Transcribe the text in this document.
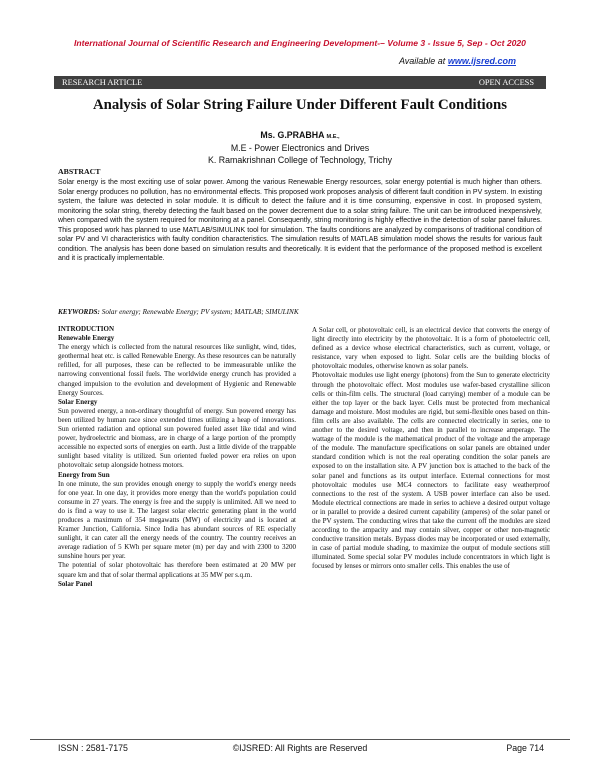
International Journal of Scientific Research and Engineering Development-– Volume 3 - Issue 5, Sep - Oct 2020
Available at www.ijsred.com
RESEARCH ARTICLE	OPEN ACCESS
Analysis of Solar String Failure Under Different Fault Conditions
Ms. G.PRABHA M.E.,
M.E - Power Electronics and Drives
K. Ramakrishnan College of Technology, Trichy
ABSTRACT
Solar energy is the most exciting use of solar power. Among the various Renewable Energy resources, solar energy potential is much higher than others. Solar energy produces no pollution, has no environmental effects. This proposed work proposes analysis of different fault condition in PV system. In existing system, the failure was detected in solar module. It is difficult to detect the failure and it is time consuming, expensive in cost. In proposed system, monitoring the solar string, thereby detecting the fault based on the power decrement due to a solar string failure. The unit can be introduced inexpensively, when compared with the system required for monitoring at a panel. Consequently, string monitoring is highly effective in the detection of solar panel failures. This proposed work has planned to use MATLAB/SIMULINK tool for simulation. The faults conditions are analyzed by comparisons of traditional condition of solar PV and VI characteristics with faulty condition characteristics. The simulation results of MATLAB simulation model shows the results for various fault condition. The analysis has been done based on simulation results and theoretically. It is evident that the performance of the proposed method is excellent and it is practically implementable.
KEYWORDS: Solar energy; Renewable Energy; PV system; MATLAB; SIMULINK

INTRODUCTION

Renewable Energy

The energy which is collected from the natural resources like sunlight, wind, tides, geothermal heat etc. is called Renewable Energy. As these resources can be naturally refilled, for all purposes, these can be reflected to be immeasurable unlike the narrowing conventional fossil fuels. The worldwide energy crunch has provided a changed impulsion to the evolution and development of Hygienic and Renewable Energy Sources.

Solar Energy

Sun powered energy, a non-ordinary thoughtful of energy. Sun powered energy has been utilized by human race since extended times utilizing a heap of innovations. Sun oriented radiation and optional sun powered fueled asset like tidal and wind power, hydroelectric and biomass, are in charge of a large portion of the promptly accessible no expected sorts of energies on earth. Just a little divide of the trappable sunlight based vitality is utilized. Sun oriented fueled power era relies on upon photovoltaic setup alongside hotness motors.

Energy from Sun

In one minute, the sun provides enough energy to supply the world's energy needs for one year. In one day, it provides more energy than the world's population could consume in 27 years. The energy is free and the supply is unlimited. All we need to do is find a way to use it. The largest solar electric generating plant in the world produces a maximum of 354 megawatts (MW) of electricity and is located at Kramer Junction, California. Since India has abundant sources of RE especially sunlight, it can cater all the energy needs of the country. The country receives an average radiation of 5 KWh per square meter (m) per day and with 2300 to 3200 sunshine hours per year.

The potential of solar photovoltaic has therefore been estimated at 20 MW per square km and that of solar thermal applications at 35 MW per s.q.m.

Solar Panel

A Solar cell, or photovoltaic cell, is an electrical device that converts the energy of light directly into electricity by the photovoltaic. It is a form of photoelectric cell, defined as a device whose electrical characteristics, such as current, voltage, or resistance, vary when exposed to light. Solar cells are the building blocks of photovoltaic modules, otherwise known as solar panels.

Photovoltaic modules use light energy (photons) from the Sun to generate electricity through the photovoltaic effect. Most modules use wafer-based crystalline silicon cells or thin-film cells. The structural (load carrying) member of a module can be either the top layer or the back layer. Cells must be protected from mechanical damage and moisture. Most modules are rigid, but semi-flexible ones based on thin-film cells are also available. The cells are connected electrically in series, one to another to the desired voltage, and then in parallel to increase amperage. The wattage of the module is the mathematical product of the voltage and the amperage of the module. The manufacture specifications on solar panels are obtained under standard condition which is not the real operating condition the solar panels are exposed to on the installation site. A PV junction box is attached to the back of the solar panel and functions as its output interface. External connections for most photovoltaic modules use MC4 connectors to facilitate easy weatherproof connections to the rest of the system. A USB power interface can also be used. Module electrical connections are made in series to achieve a desired output voltage or in parallel to provide a desired current capability (amperes) of the solar panel or the PV system. The conducting wires that take the current off the modules are sized according to the ampacity and may contain silver, copper or other non-magnetic conductive transition metals. Bypass diodes may be incorporated or used externally, in case of partial module shading, to maximize the output of module sections still illuminated. Some special solar PV modules include concentrators in which light is focused by lenses or mirrors onto smaller cells. This enables the use of

ISSN : 2581-7175	©IJSRED: All Rights are Reserved	Page 714
